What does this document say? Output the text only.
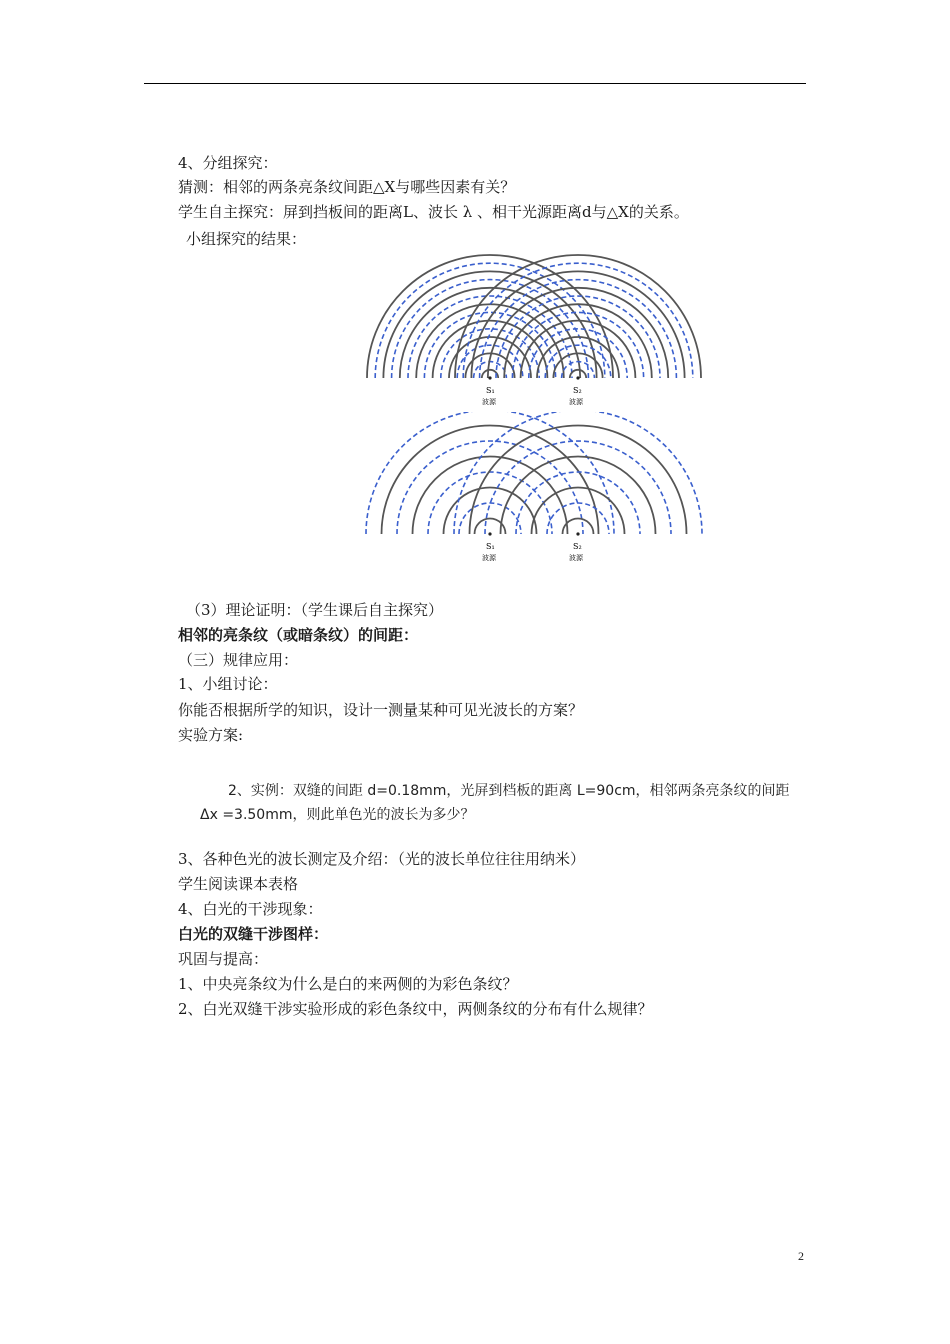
4、分组探究：
猜测：相邻的两条亮条纹间距△X与哪些因素有关？
学生自主探究：屏到挡板间的距离L、波长 λ 、相干光源距离d与△X的关系。
小组探究的结果：
S₁
波源
S₂
波源
S₁
波源
S₂
波源
（3）理论证明：（学生课后自主探究）
相邻的亮条纹（或暗条纹）的间距：
（三）规律应用：
1、小组讨论：
你能否根据所学的知识，设计一测量某种可见光波长的方案？
实验方案:
2、实例：双缝的间距 d=0.18mm，光屏到档板的距离 L=90cm，相邻两条亮条纹的间距
Δx =3.50mm，则此单色光的波长为多少？
3、各种色光的波长测定及介绍：（光的波长单位往往用纳米）
学生阅读课本表格
4、白光的干涉现象：
白光的双缝干涉图样：
巩固与提高：
1、中央亮条纹为什么是白的来两侧的为彩色条纹？
2、白光双缝干涉实验形成的彩色条纹中，两侧条纹的分布有什么规律？
2
